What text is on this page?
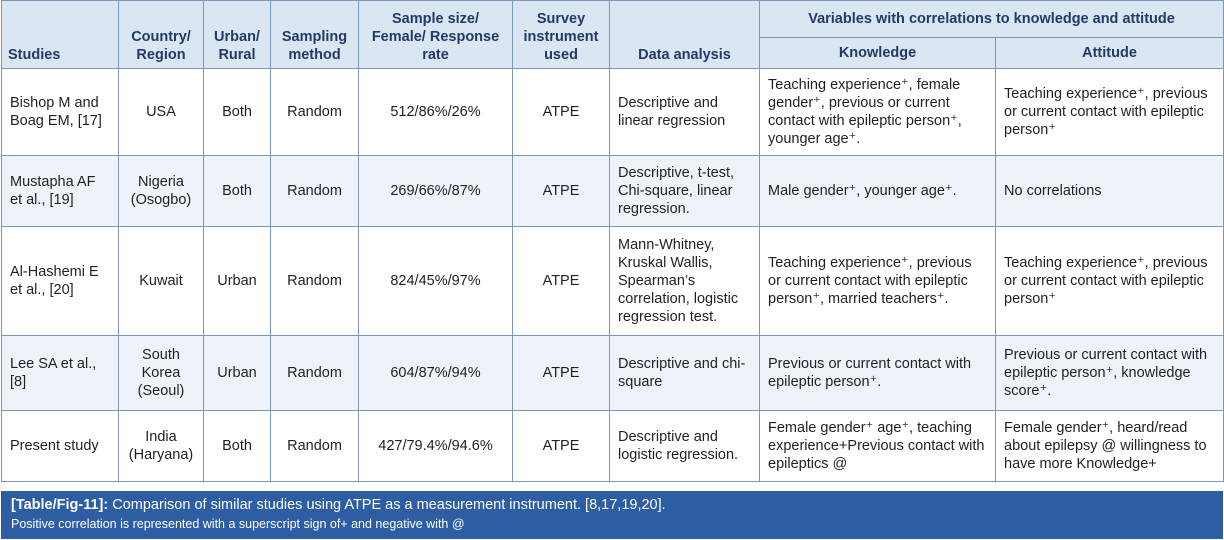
Studies	Country/ Region	Urban/ Rural	Sampling method	Sample size/ Female/ Response rate	Survey instrument used	Data analysis	Variables with correlations to knowledge and attitude	
							Knowledge	Attitude
Bishop M and Boag EM, [17]	USA	Both	Random	512/86%/26%	ATPE	Descriptive and linear regression	Teaching experience⁺, female gender⁺, previous or current contact with epileptic person⁺, younger age⁺.	Teaching experience⁺, previous or current contact with epileptic person⁺
Mustapha AF et al., [19]	Nigeria (Osogbo)	Both	Random	269/66%/87%	ATPE	Descriptive, t-test, Chi-square, linear regression.	Male gender⁺, younger age⁺.	No correlations
Al-Hashemi E et al., [20]	Kuwait	Urban	Random	824/45%/97%	ATPE	Mann-Whitney, Kruskal Wallis, Spearman’s correlation, logistic regression test.	Teaching experience⁺, previous or current contact with epileptic person⁺, married teachers⁺.	Teaching experience⁺, previous or current contact with epileptic person⁺
Lee SA et al., [8]	South Korea (Seoul)	Urban	Random	604/87%/94%	ATPE	Descriptive and chi-square	Previous or current contact with epileptic person⁺.	Previous or current contact with epileptic person⁺, knowledge score⁺.
Present study	India (Haryana)	Both	Random	427/79.4%/94.6%	ATPE	Descriptive and logistic regression.	Female gender⁺ age⁺, teaching experience+Previous contact with epileptics @	Female gender⁺, heard/read about epilepsy @ willingness to have more Knowledge+
[Table/Fig-11]: Comparison of similar studies using ATPE as a measurement instrument. [8,17,19,20].
Positive correlation is represented with a superscript sign of+ and negative with @
